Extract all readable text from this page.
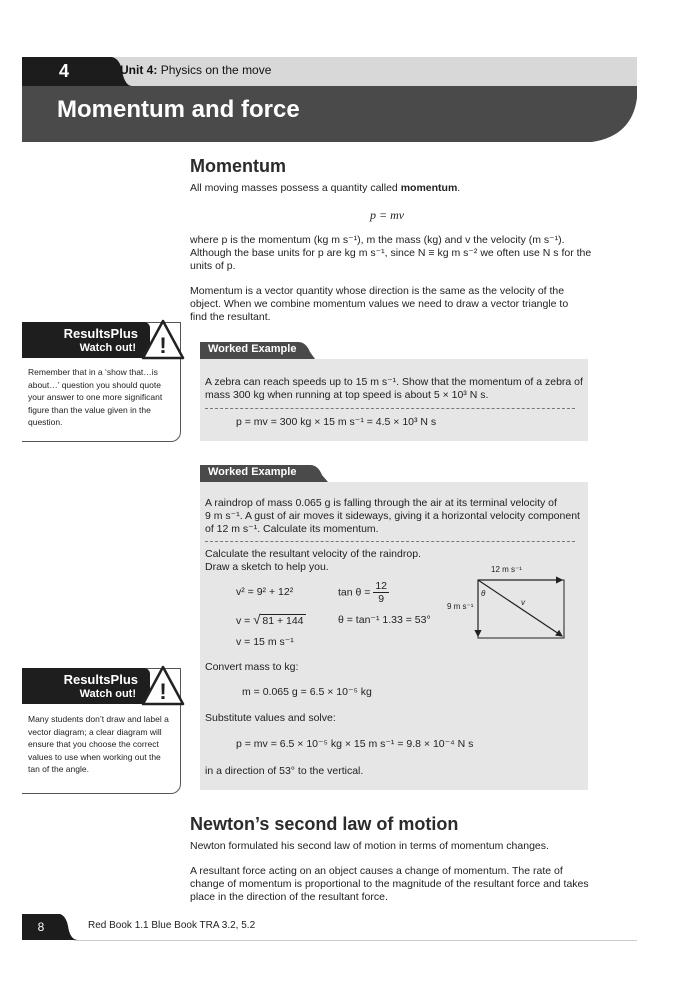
4	Unit 4: Physics on the move
Momentum and force
Momentum
All moving masses possess a quantity called momentum.
p = mv
where p is the momentum (kg m s⁻¹), m the mass (kg) and v the velocity (m s⁻¹).
Although the base units for p are kg m s⁻¹, since N ≡ kg m s⁻² we often use N s for the
units of p.
Momentum is a vector quantity whose direction is the same as the velocity of the
object. When we combine momentum values we need to draw a vector triangle to
find the resultant.
ResultsPlus
Watch out! !
Remember that in a ‘show that…is
about…’ question you should quote
your answer to one more significant
figure than the value given in the
question.
Worked Example
A zebra can reach speeds up to 15 m s⁻¹. Show that the momentum of a zebra of
mass 300 kg when running at top speed is about 5 × 10³ N s.
p = mv = 300 kg × 15 m s⁻¹ = 4.5 × 10³ N s
Worked Example
A raindrop of mass 0.065 g is falling through the air at its terminal velocity of
9 m s⁻¹. A gust of air moves it sideways, giving it a horizontal velocity component
of 12 m s⁻¹. Calculate its momentum.
Calculate the resultant velocity of the raindrop.
Draw a sketch to help you.
v² = 9² + 12²
v = √ 81 + 144
v = 15 m s⁻¹
$\tan \theta = \frac{12}{9}$
θ = tan⁻¹ 1.33 = 53°
12 m s⁻¹
9 m s⁻¹
θ
v
Convert mass to kg:
m = 0.065 g = 6.5 × 10⁻⁵ kg
Substitute values and solve:
p = mv = 6.5 × 10⁻⁵ kg × 15 m s⁻¹ = 9.8 × 10⁻⁴ N s
in a direction of 53° to the vertical.
ResultsPlus
Watch out! !
Many students don’t draw and label a
vector diagram; a clear diagram will
ensure that you choose the correct
values to use when working out the
tan of the angle.
Newton’s second law of motion
Newton formulated his second law of motion in terms of momentum changes.
A resultant force acting on an object causes a change of momentum. The rate of
change of momentum is proportional to the magnitude of the resultant force and takes
place in the direction of the resultant force.
8	Red Book 1.1 Blue Book TRA 3.2, 5.2
